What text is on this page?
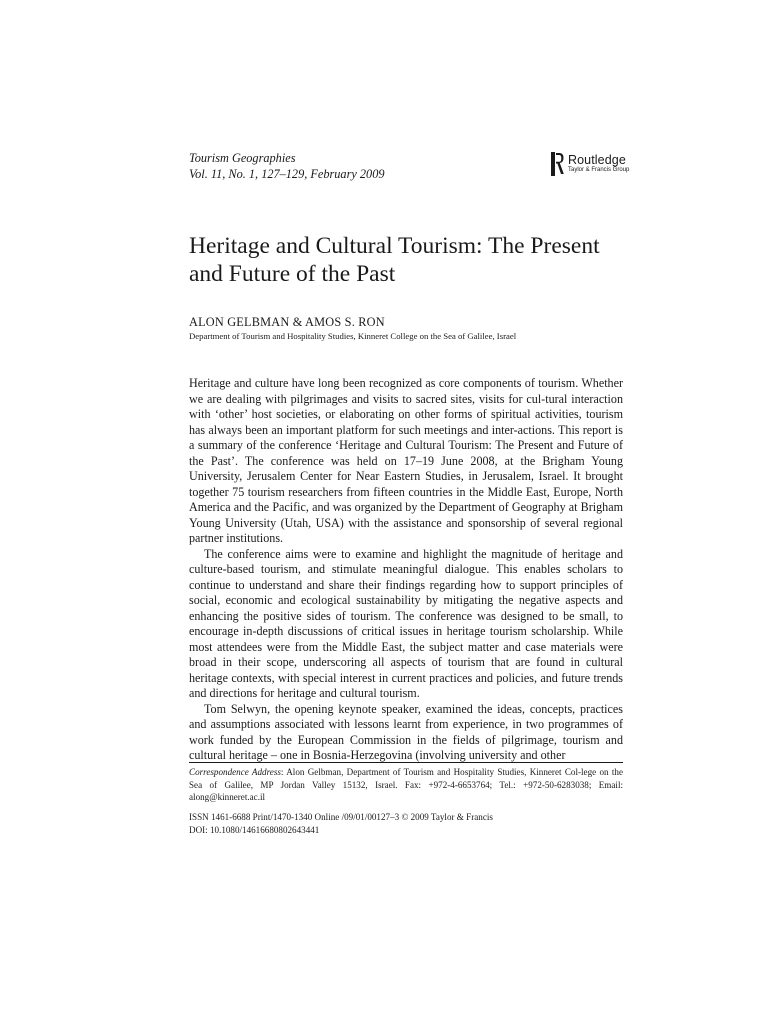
Tourism Geographies
Vol. 11, No. 1, 127–129, February 2009
Routledge
Taylor & Francis Group
Heritage and Cultural Tourism: The Present and Future of the Past
ALON GELBMAN & AMOS S. RON
Department of Tourism and Hospitality Studies, Kinneret College on the Sea of Galilee, Israel

Heritage and culture have long been recognized as core components of tourism. Whether we are dealing with pilgrimages and visits to sacred sites, visits for cul-tural interaction with ‘other’ host societies, or elaborating on other forms of spiritual activities, tourism has always been an important platform for such meetings and inter-actions. This report is a summary of the conference ‘Heritage and Cultural Tourism: The Present and Future of the Past’. The conference was held on 17–19 June 2008, at the Brigham Young University, Jerusalem Center for Near Eastern Studies, in Jerusalem, Israel. It brought together 75 tourism researchers from fifteen countries in the Middle East, Europe, North America and the Pacific, and was organized by the Department of Geography at Brigham Young University (Utah, USA) with the assistance and sponsorship of several regional partner institutions.

The conference aims were to examine and highlight the magnitude of heritage and culture-based tourism, and stimulate meaningful dialogue. This enables scholars to continue to understand and share their findings regarding how to support principles of social, economic and ecological sustainability by mitigating the negative aspects and enhancing the positive sides of tourism. The conference was designed to be small, to encourage in-depth discussions of critical issues in heritage tourism scholarship. While most attendees were from the Middle East, the subject matter and case materials were broad in their scope, underscoring all aspects of tourism that are found in cultural heritage contexts, with special interest in current practices and policies, and future trends and directions for heritage and cultural tourism.

Tom Selwyn, the opening keynote speaker, examined the ideas, concepts, practices and assumptions associated with lessons learnt from experience, in two programmes of work funded by the European Commission in the fields of pilgrimage, tourism and cultural heritage – one in Bosnia-Herzegovina (involving university and other

Correspondence Address: Alon Gelbman, Department of Tourism and Hospitality Studies, Kinneret Col-lege on the Sea of Galilee, MP Jordan Valley 15132, Israel. Fax: +972-4-6653764; Tel.: +972-50-6283038; Email: along@kinneret.ac.il
ISSN 1461-6688 Print/1470-1340 Online /09/01/00127–3 © 2009 Taylor & Francis
DOI: 10.1080/14616680802643441
